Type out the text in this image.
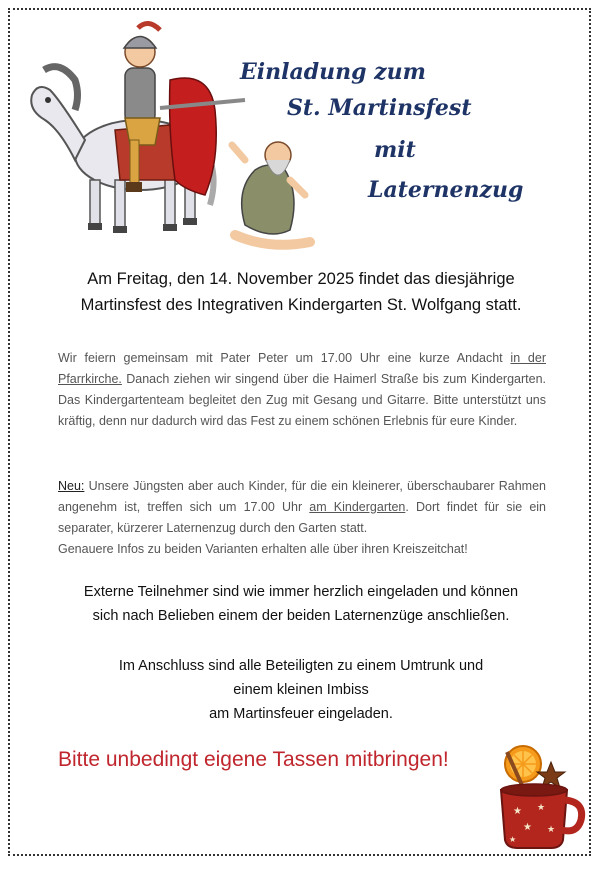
Einladung zum
St. Martinsfest
mit
Laternenzug
Am Freitag, den 14. November 2025 findet das diesjährige
Martinsfest des Integrativen Kindergarten St. Wolfgang statt.
Wir feiern gemeinsam mit Pater Peter um 17.00 Uhr eine kurze Andacht in der Pfarrkirche. Danach ziehen wir singend über die Haimerl Straße bis zum Kindergarten. Das Kindergartenteam begleitet den Zug mit Gesang und Gitarre. Bitte unterstützt uns kräftig, denn nur dadurch wird das Fest zu einem schönen Erlebnis für eure Kinder.
Neu: Unsere Jüngsten aber auch Kinder, für die ein kleinerer, überschaubarer Rahmen angenehm ist, treffen sich um 17.00 Uhr am Kindergarten. Dort findet für sie ein separater, kürzerer Laternenzug durch den Garten statt.
Genauere Infos zu beiden Varianten erhalten alle über ihren Kreiszeitchat!
Externe Teilnehmer sind wie immer herzlich eingeladen und können
sich nach Belieben einem der beiden Laternenzüge anschließen.
Im Anschluss sind alle Beteiligten zu einem Umtrunk und
einem kleinen Imbiss
am Martinsfeuer eingeladen.
Bitte unbedingt eigene Tassen mitbringen!
★ ★
★ ★
★
